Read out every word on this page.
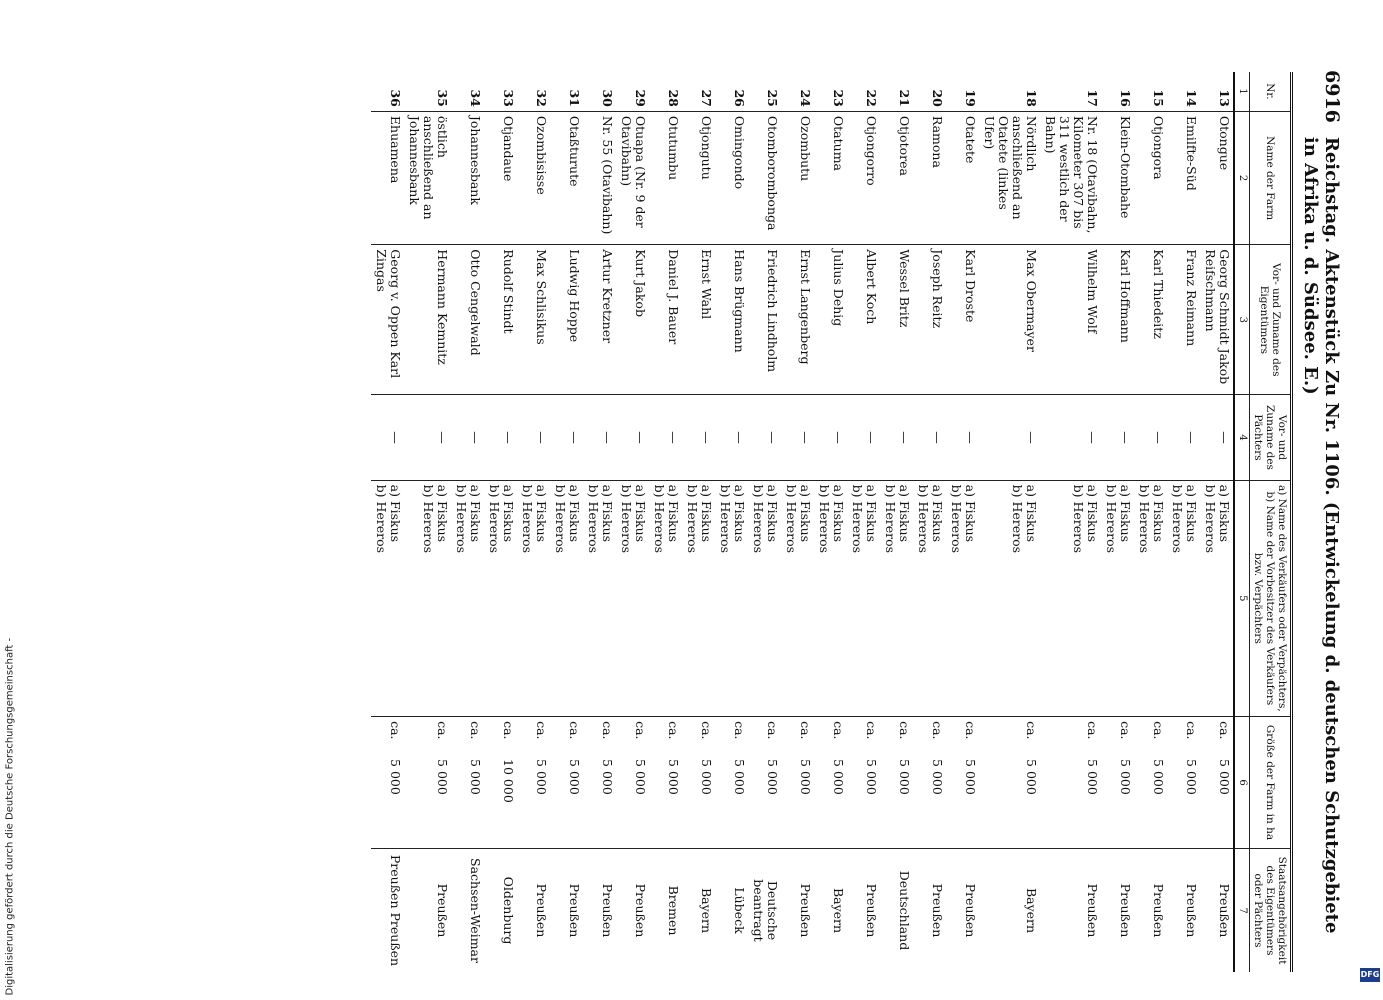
Digitalisierung gefördert durch die Deutsche Forschungsgemeinschaft -	DFG
6916
Reichstag. Aktenstück Zu Nr. 1106. (Entwickelung d. deutschen Schutzgebiete in Afrika u. d. Südsee. E.)
Nr.	Name der Farm	Vor- und Zuname des Eigentümers	Vor- und Zuname des Pächters	a) Name des Verkäufers oder Verpächters, b) Name der Vorbesitzer des Verkäufers bzw. Verpächters	Größe der Farm in ha	Staatsangehörigkeit des Eigentümers oder Pächters
1	2	3	4	5	6	7
13	Otongue	Georg Schmidt Jakob Reifschmann	—	a) Fiskus
b) Hereros	ca. 5 000	Preußen
14	Emilfte-Süd	Franz Reimann	—	a) Fiskus
b) Hereros	ca. 5 000	Preußen
15	Otjongora	Karl Thiedeitz	—	a) Fiskus
b) Hereros	ca. 5 000	Preußen
16	Klein-Otombahe	Karl Hoffmann	—	a) Fiskus
b) Hereros	ca. 5 000	Preußen
17	Nr. 18 (Otavibahn, Kilometer 307 bis 311 westlich der Bahn)	Wilhelm Wolf	—	a) Fiskus
b) Hereros	ca. 5 000	Preußen
18	Nördlich anschließend an Otatete (linkes Ufer)	Max Obermayer	—	a) Fiskus
b) Hereros	ca. 5 000	Bayern
19	Otatete	Karl Droste	—	a) Fiskus
b) Hereros	ca. 5 000	Preußen
20	Ramona	Joseph Reitz	—	a) Fiskus
b) Hereros	ca. 5 000	Preußen
21	Otjotorea	Wessel Britz	—	a) Fiskus
b) Hereros	ca. 5 000	Deutschland
22	Otjongorro	Albert Koch	—	a) Fiskus
b) Hereros	ca. 5 000	Preußen
23	Otatuma	Julius Dehig	—	a) Fiskus
b) Hereros	ca. 5 000	Bayern
24	Ozombutu	Ernst Langenberg	—	a) Fiskus
b) Hereros	ca. 5 000	Preußen
25	Otomborombonga	Friedrich Lindholm	—	a) Fiskus
b) Hereros	ca. 5 000	Deutsche beantragt
26	Omingondo	Hans Brügmann	—	a) Fiskus
b) Hereros	ca. 5 000	Lübeck
27	Otjongutu	Ernst Wahl	—	a) Fiskus
b) Hereros	ca. 5 000	Bayern
28	Otutumbu	Daniel J. Bauer	—	a) Fiskus
b) Hereros	ca. 5 000	Bremen
29	Otuapa (Nr. 9 der Otavibahn)	Kurt Jakob	—	a) Fiskus
b) Hereros	ca. 5 000	Preußen
30	Nr. 55 (Otavibahn)	Artur Kretzner	—	a) Fiskus
b) Hereros	ca. 5 000	Preußen
31	Otaßturute	Ludwig Hoppe	—	a) Fiskus
b) Hereros	ca. 5 000	Preußen
32	Ozombisisse	Max Schlisikus	—	a) Fiskus
b) Hereros	ca. 5 000	Preußen
33	Otjandaue	Rudolf Stindt	—	a) Fiskus
b) Hereros	ca. 10 000	Oldenburg
34	Johannesbank	Otto Cengelwald	—	a) Fiskus
b) Hereros	ca. 5 000	Sachsen-Weimar
35	östlich anschließend an Johannesbank	Hermann Kemnitz	—	a) Fiskus
b) Hereros	ca. 5 000	Preußen
36	Ehuamena	Georg v. Oppen Karl Zingas	—	a) Fiskus
b) Hereros	ca. 5 000	Preußen Preußen
